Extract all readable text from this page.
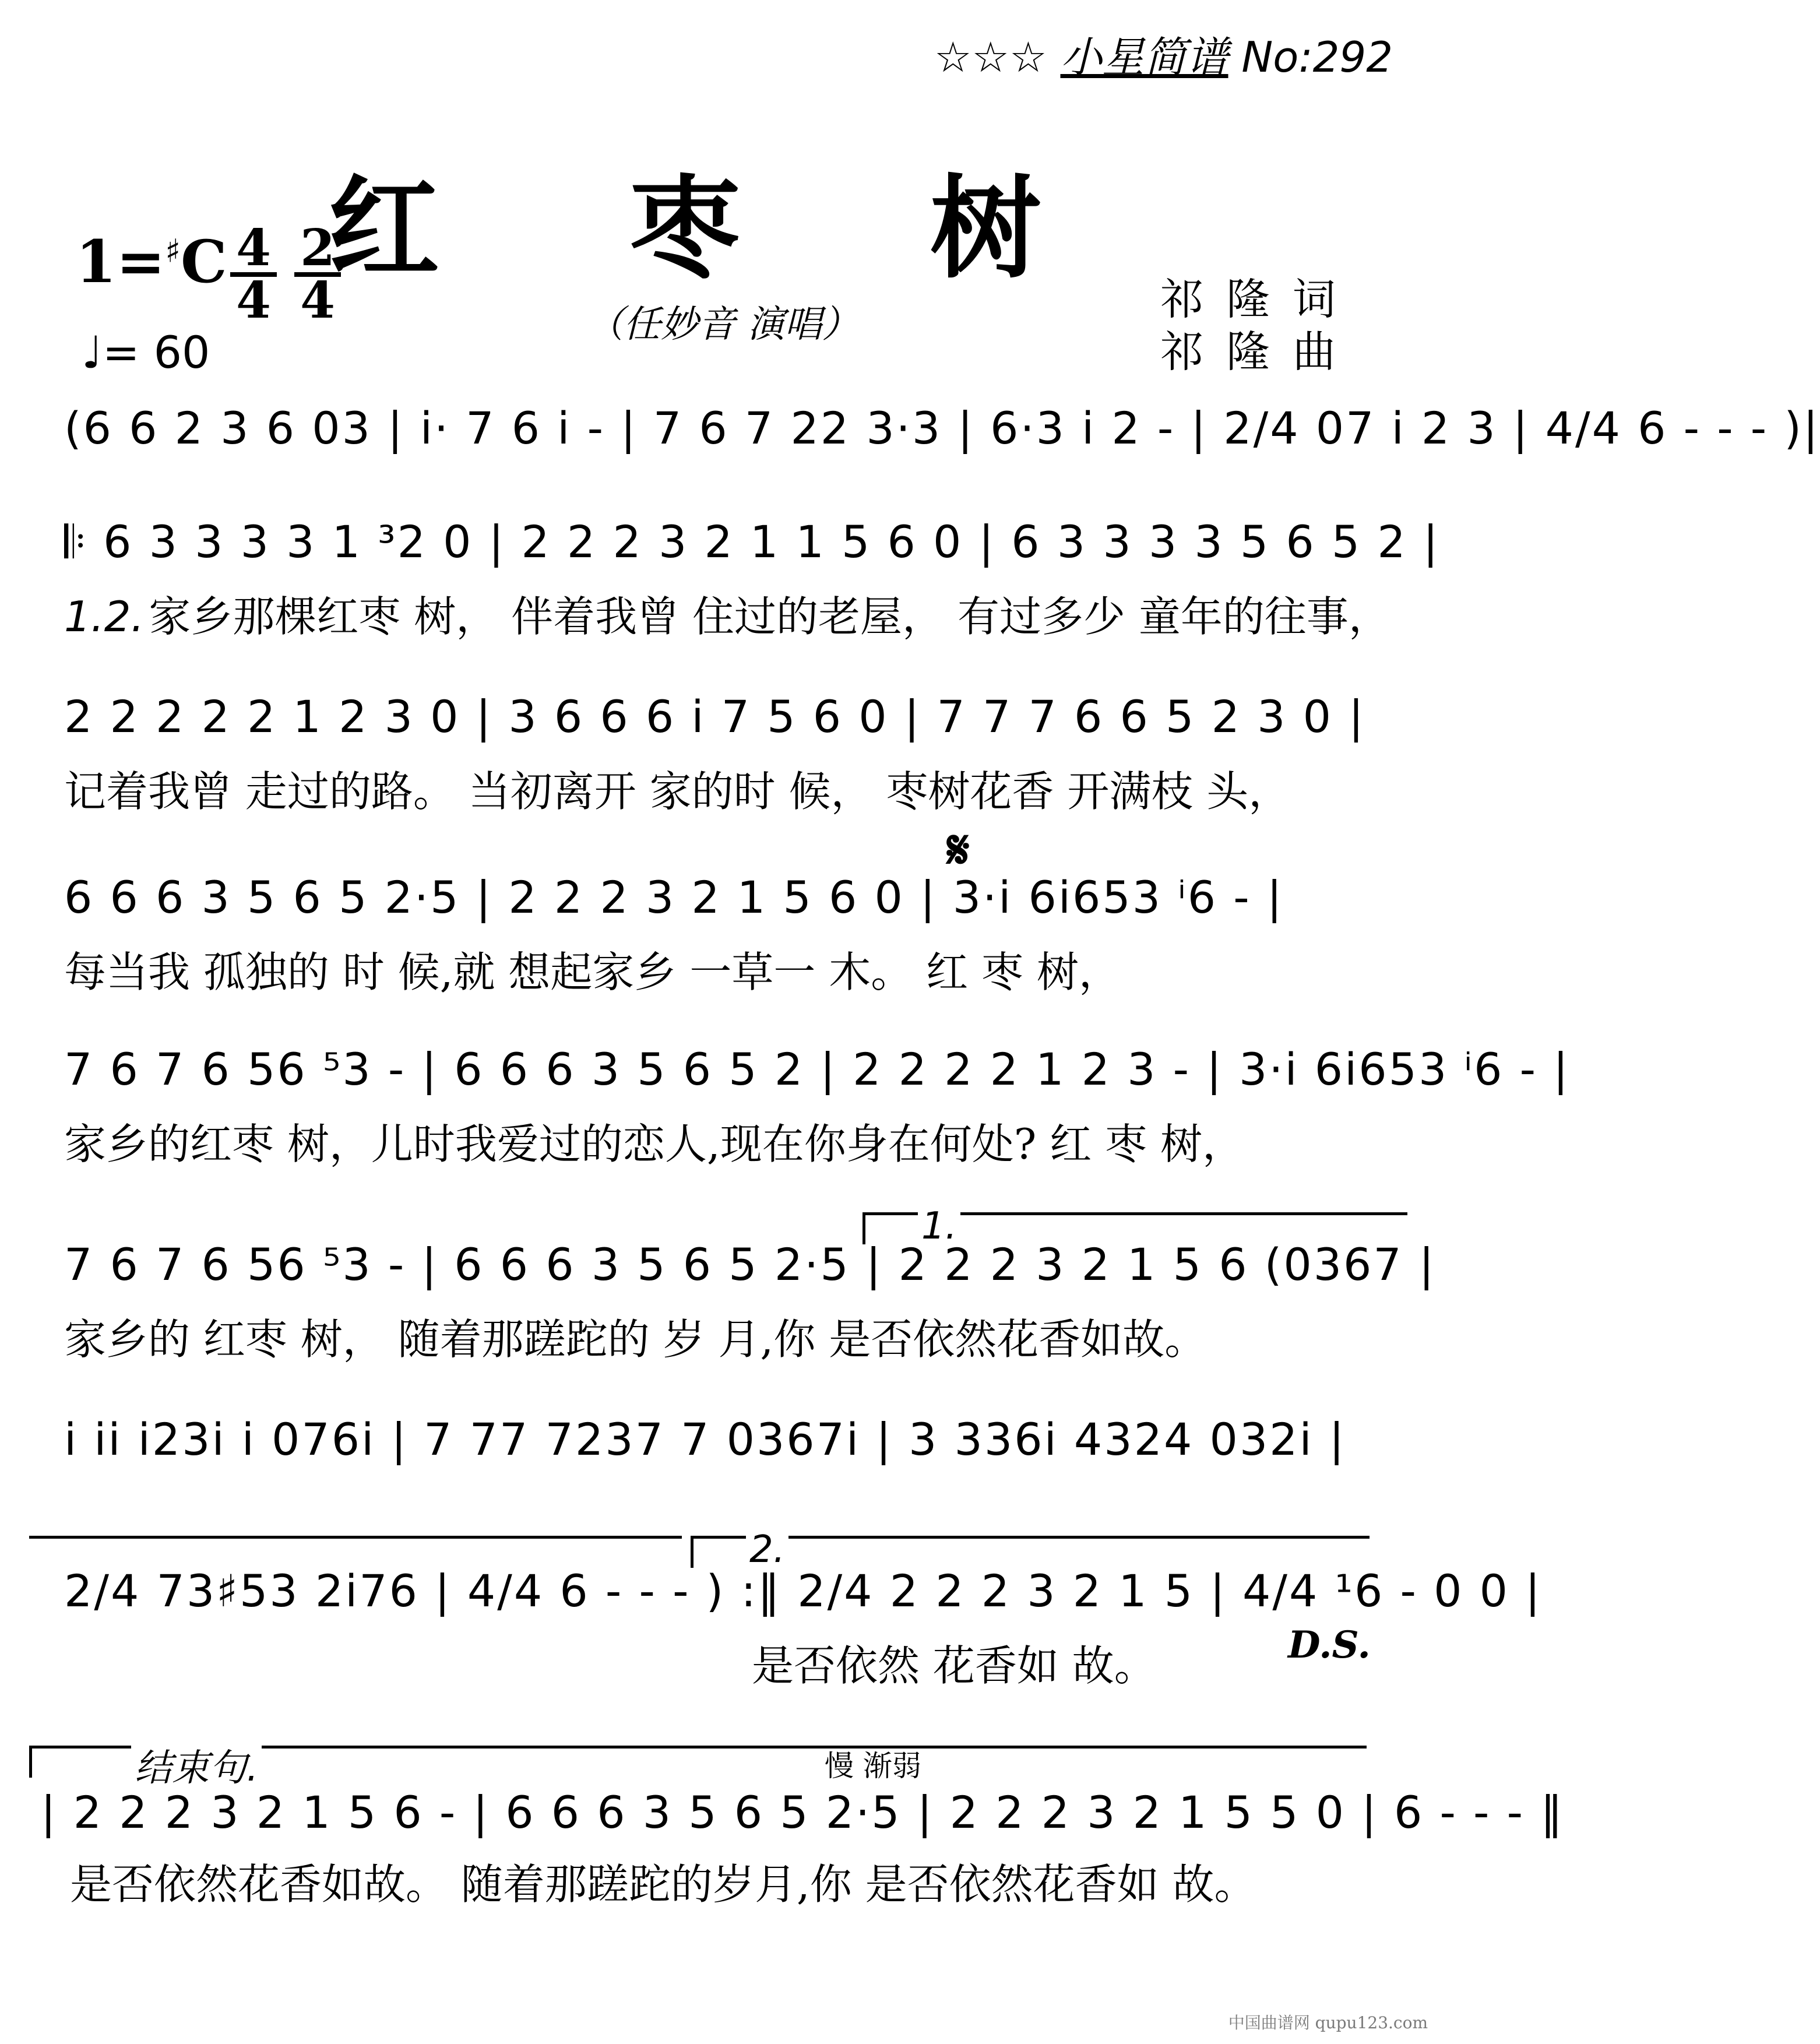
☆☆☆ 小星简谱 No:292
红 枣 树
（任妙音 演唱）
1=♯C 4
4
2
4
♩= 60
祁 隆 词
祁 隆 曲
(6 6 2 3 6 03 | i· 7 6 i - | 7 6 7 22 3·3 | 6·3 i 2 - | 2/4 07 i 2 3 | 4/4 6 - - - )|
𝄆 6 3 3 3 3 1 ³2 0 | 2 2 2 3 2 1 1 5 6 0 | 6 3 3 3 3 5 6 5 2 |
1.2. 家乡那棵红枣 树， 伴着我曾 住过的老屋， 有过多少 童年的往事，
2 2 2 2 2 1 2 3 0 | 3 6 6 6 i 7 5 6 0 | 7 7 7 6 6 5 2 3 0 |
记着我曾 走过的路。 当初离开 家的时 候， 枣树花香 开满枝 头，
𝄋
6 6 6 3 5 6 5 2·5 | 2 2 2 3 2 1 5 6 0 | 3·i 6i653 ⁱ6 - |
每当我 孤独的 时 候,就 想起家乡 一草一 木。 红 枣 树，
7 6 7 6 56 ⁵3 - | 6 6 6 3 5 6 5 2 | 2 2 2 2 1 2 3 - | 3·i 6i653 ⁱ6 - |
家乡的红枣 树，儿时我爱过的恋人,现在你身在何处? 红 枣 树，
1.
7 6 7 6 56 ⁵3 - | 6 6 6 3 5 6 5 2·5 | 2 2 2 3 2 1 5 6 (0367 |
家乡的 红枣 树， 随着那蹉跎的 岁 月,你 是否依然花香如故。
i ii i23i i 076i | 7 77 7237 7 0367i | 3 336i 4324 032i |
2.
2/4 73♯53 2i76 | 4/4 6 - - - ) :‖ 2/4 2 2 2 3 2 1 5 | 4/4 ¹6 - 0 0 |
是否依然 花香如 故。	D.S.
结束句.	慢 渐弱
| 2 2 2 3 2 1 5 6 - | 6 6 6 3 5 6 5 2·5 | 2 2 2 3 2 1 5 5 0 | 6 - - - ‖
是否依然花香如故。 随着那蹉跎的岁月,你 是否依然花香如 故。
中国曲谱网 qupu123.com
